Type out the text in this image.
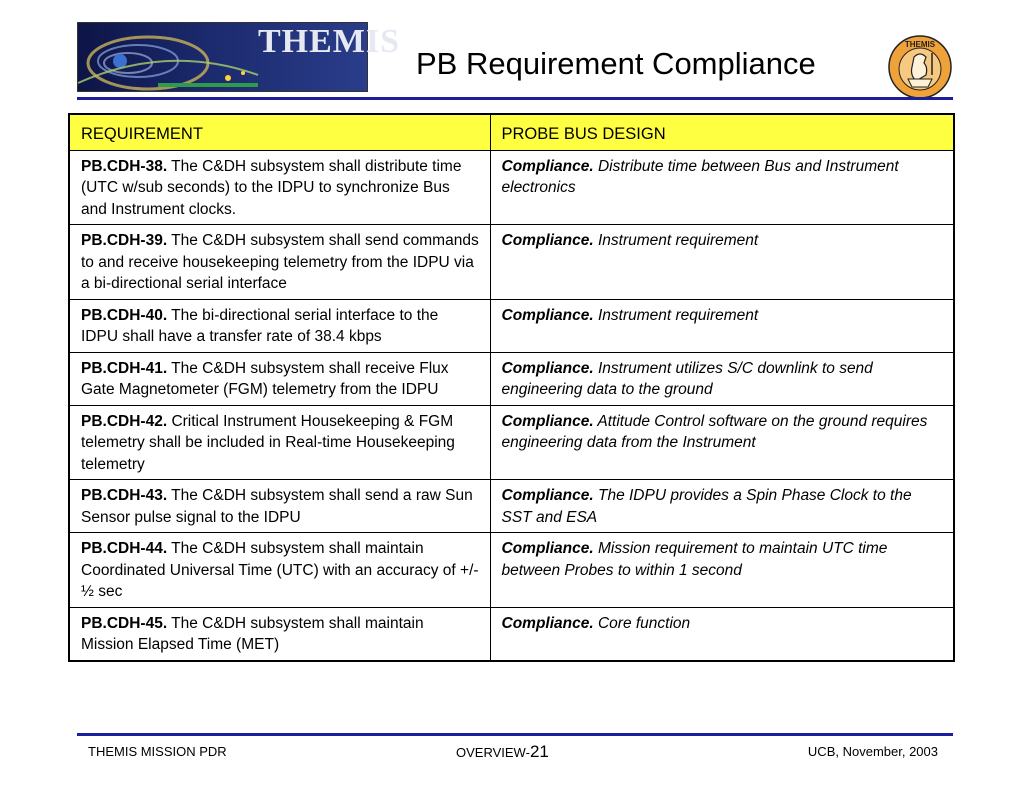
THEMIS
PB Requirement Compliance
THEMIS
REQUIREMENT	PROBE BUS DESIGN
PB.CDH-38. The C&DH subsystem shall distribute time (UTC w/sub seconds) to the IDPU to synchronize Bus and Instrument clocks.	Compliance. Distribute time between Bus and Instrument electronics
PB.CDH-39. The C&DH subsystem shall send commands to and receive housekeeping telemetry from the IDPU via a bi-directional serial interface	Compliance. Instrument requirement
PB.CDH-40. The bi-directional serial interface to the IDPU shall have a transfer rate of 38.4 kbps	Compliance. Instrument requirement
PB.CDH-41. The C&DH subsystem shall receive Flux Gate Magnetometer (FGM) telemetry from the IDPU	Compliance. Instrument utilizes S/C downlink to send engineering data to the ground
PB.CDH-42. Critical Instrument Housekeeping & FGM telemetry shall be included in Real-time Housekeeping telemetry	Compliance. Attitude Control software on the ground requires engineering data from the Instrument
PB.CDH-43. The C&DH subsystem shall send a raw Sun Sensor pulse signal to the IDPU	Compliance. The IDPU provides a Spin Phase Clock to the SST and ESA
PB.CDH-44. The C&DH subsystem shall maintain Coordinated Universal Time (UTC) with an accuracy of +/- ½ sec	Compliance. Mission requirement to maintain UTC time between Probes to within 1 second
PB.CDH-45. The C&DH subsystem shall maintain Mission Elapsed Time (MET)	Compliance. Core function
THEMIS MISSION PDR	OVERVIEW-21	UCB, November, 2003
